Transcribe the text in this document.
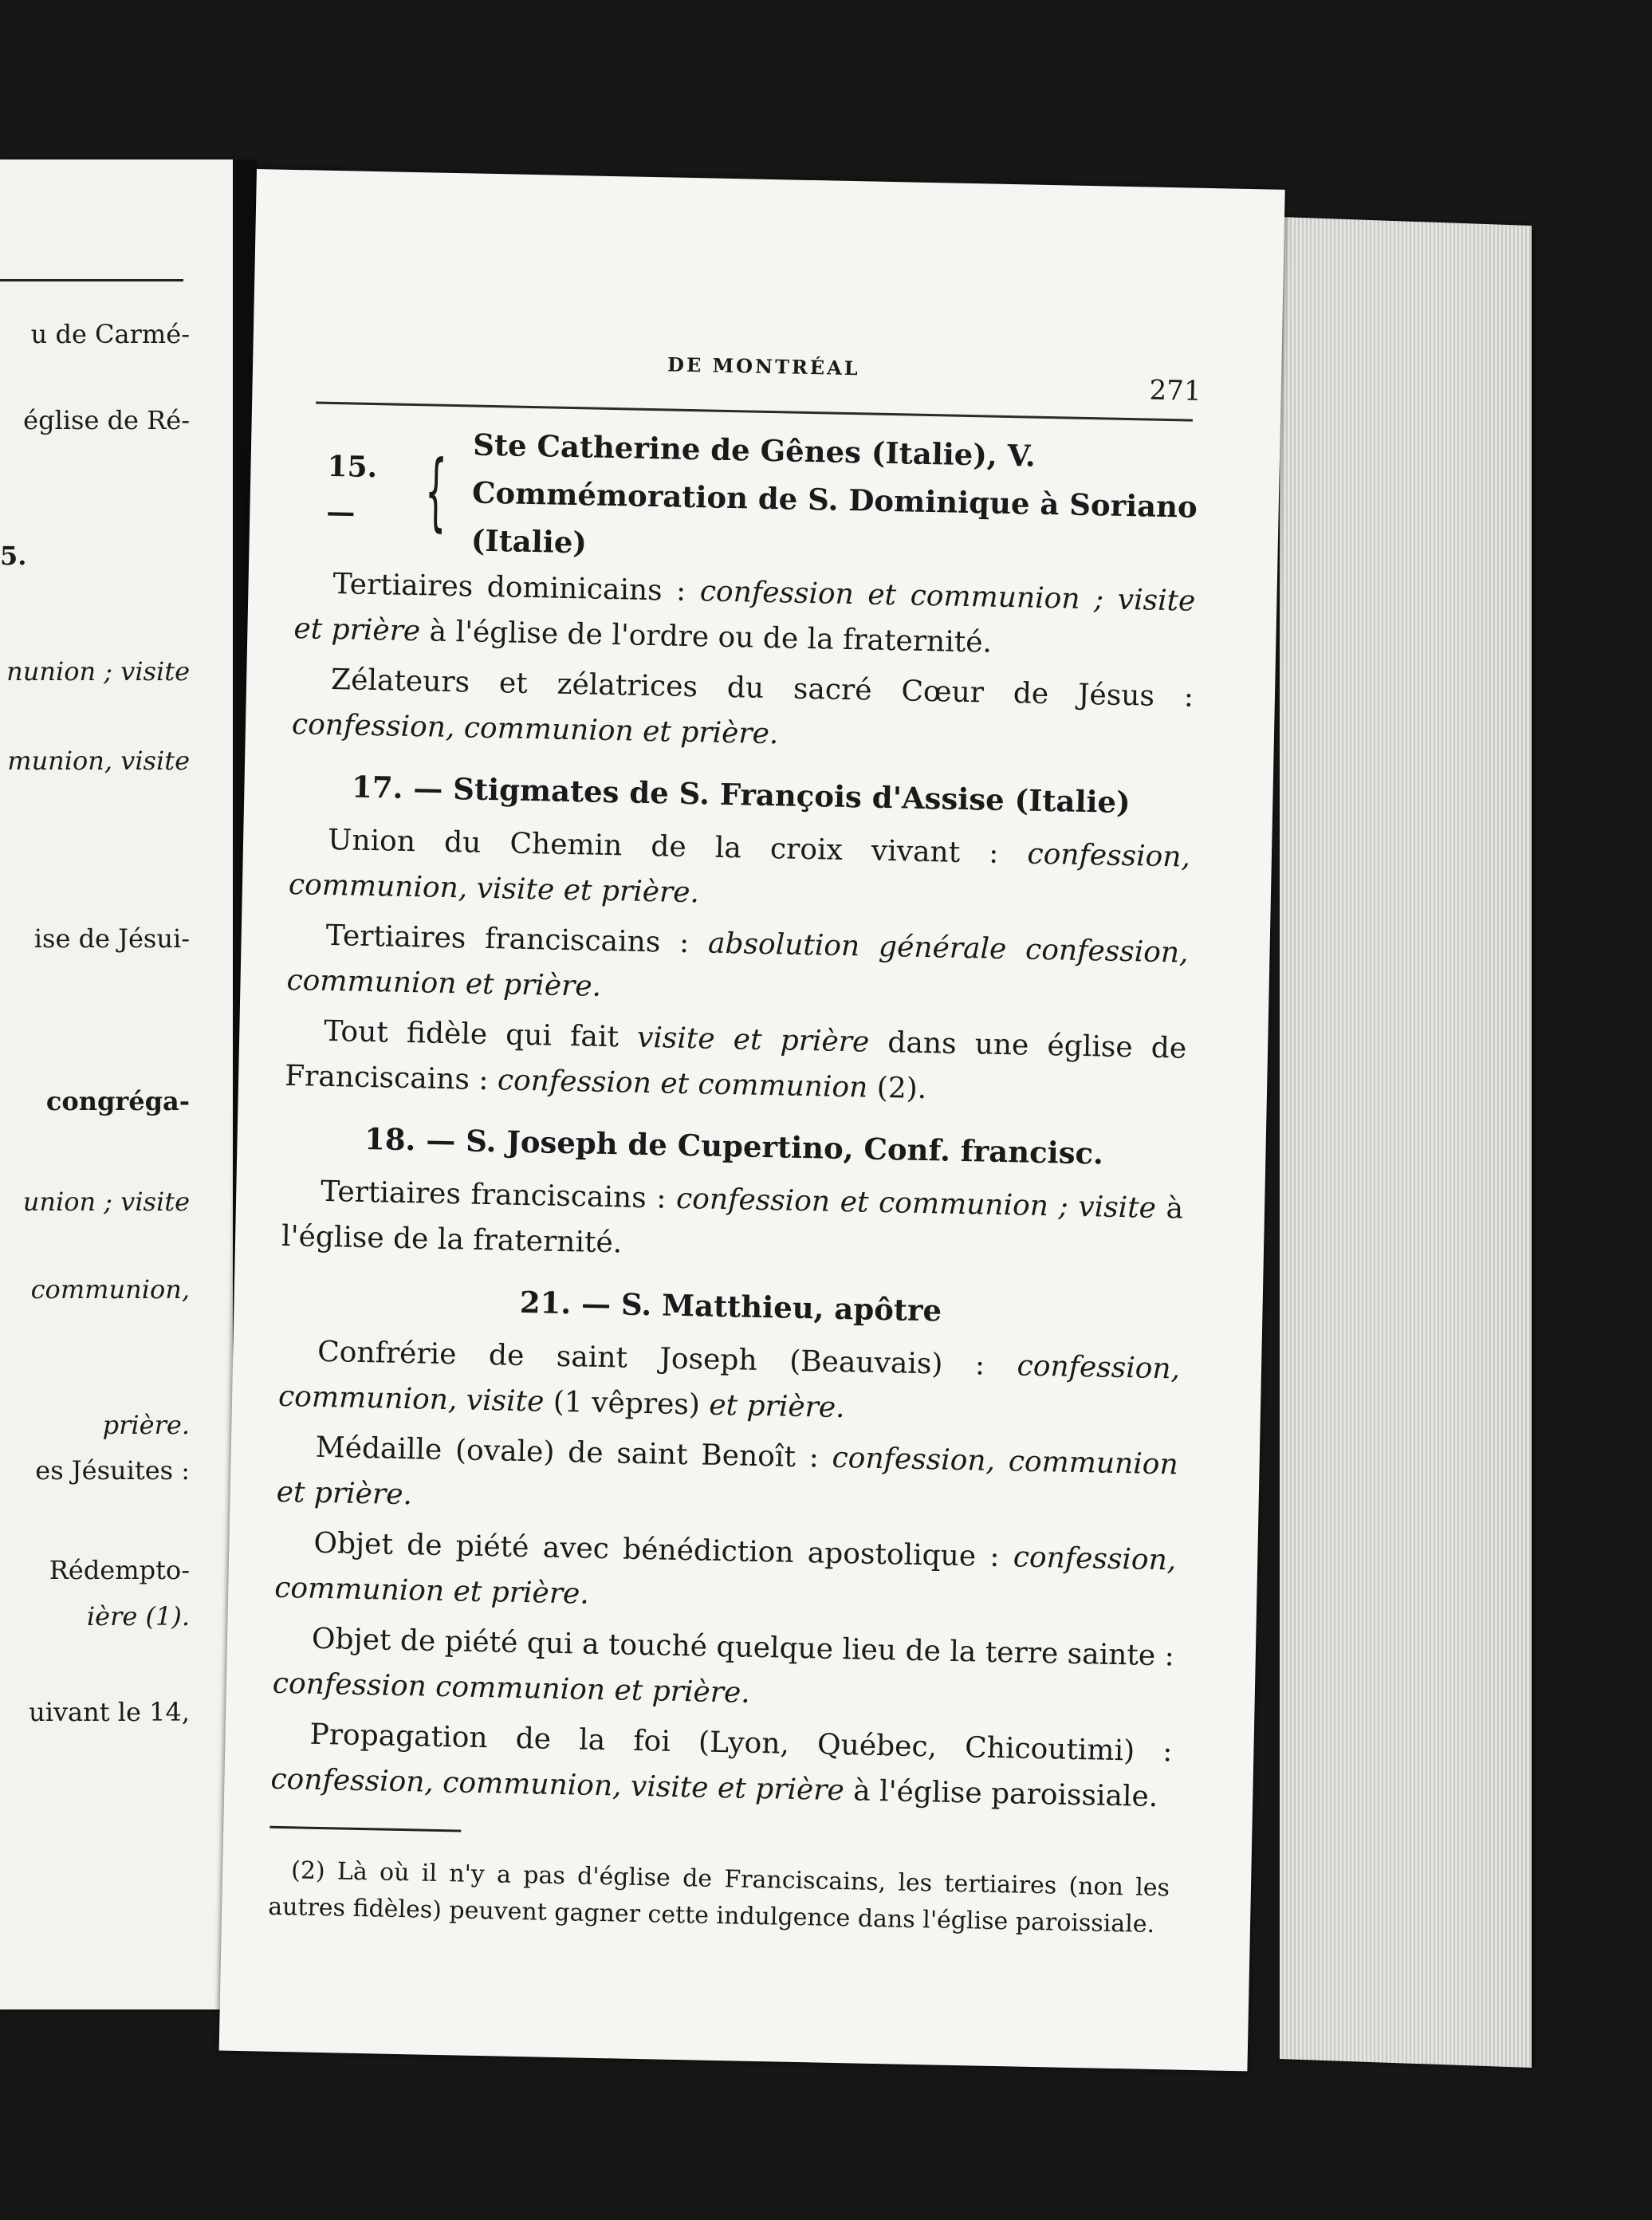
u de Carmé-
église de Ré-
5.
nunion ; visite
munion, visite
ise de Jésui-
congréga-
union ; visite
communion,
prière.
es Jésuites :
Rédempto-
ière (1).
uivant le 14,
DE MONTRÉAL
271
15. — { Ste Catherine de Gênes (Italie), V.
Commémoration de S. Dominique à Soriano (Italie)

Tertiaires dominicains : confession et communion ; visite et prière à l'église de l'ordre ou de la fraternité.

Zélateurs et zélatrices du sacré Cœur de Jésus : confession, communion et prière.

17. — Stigmates de S. François d'Assise (Italie)

Union du Chemin de la croix vivant : confession, communion, visite et prière.

Tertiaires franciscains : absolution générale confession, communion et prière.

Tout fidèle qui fait visite et prière dans une église de Franciscains : confession et communion (2).

18. — S. Joseph de Cupertino, Conf. francisc.

Tertiaires franciscains : confession et communion ; visite à l'église de la fraternité.

21. — S. Matthieu, apôtre

Confrérie de saint Joseph (Beauvais) : confession, communion, visite (1 vêpres) et prière.

Médaille (ovale) de saint Benoît : confession, communion et prière.

Objet de piété avec bénédiction apostolique : confession, communion et prière.

Objet de piété qui a touché quelque lieu de la terre sainte : confession communion et prière.

Propagation de la foi (Lyon, Québec, Chicoutimi) : confession, communion, visite et prière à l'église paroissiale.

(2) Là où il n'y a pas d'église de Franciscains, les tertiaires (non les autres fidèles) peuvent gagner cette indulgence dans l'église paroissiale.
